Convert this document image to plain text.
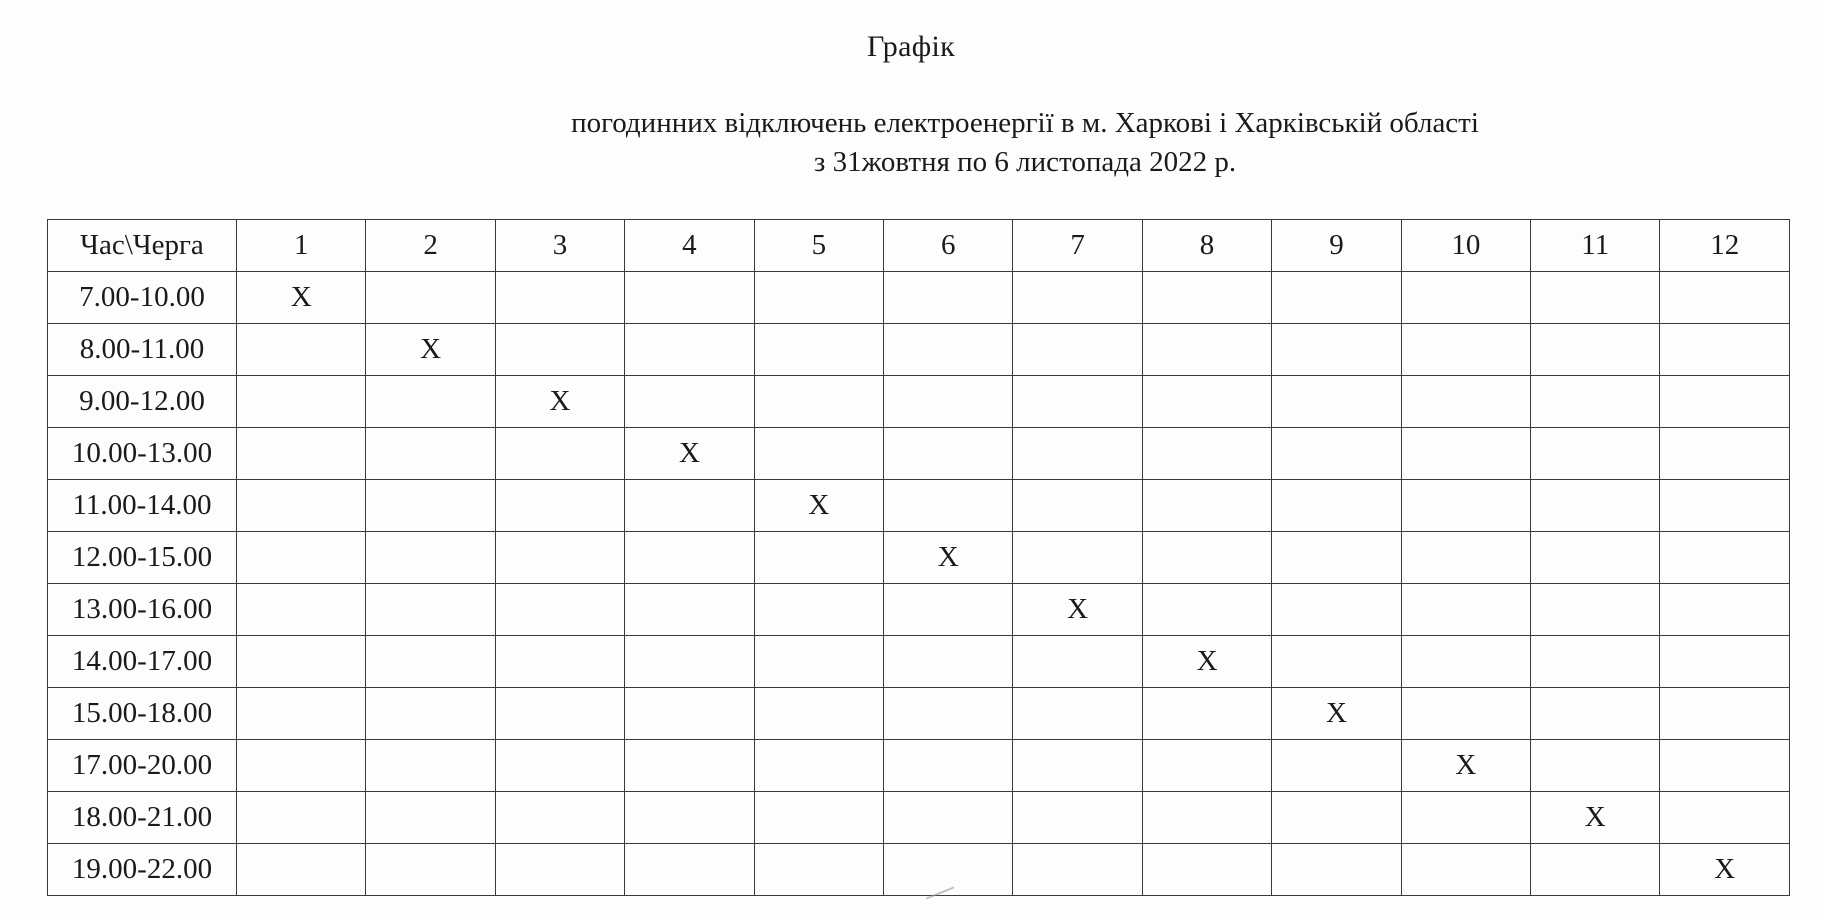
Графік
погодинних відключень електроенергії в м. Харкові і Харківській області
з 31жовтня по 6 листопада 2022 р.
Час\Черга	1	2	3	4	5	6	7	8	9	10	11	12
7.00-10.00	X											
8.00-11.00		X										
9.00-12.00			X									
10.00-13.00				X								
11.00-14.00					X							
12.00-15.00						X						
13.00-16.00							X					
14.00-17.00								X				
15.00-18.00									X			
17.00-20.00										X		
18.00-21.00											X	
19.00-22.00												X
